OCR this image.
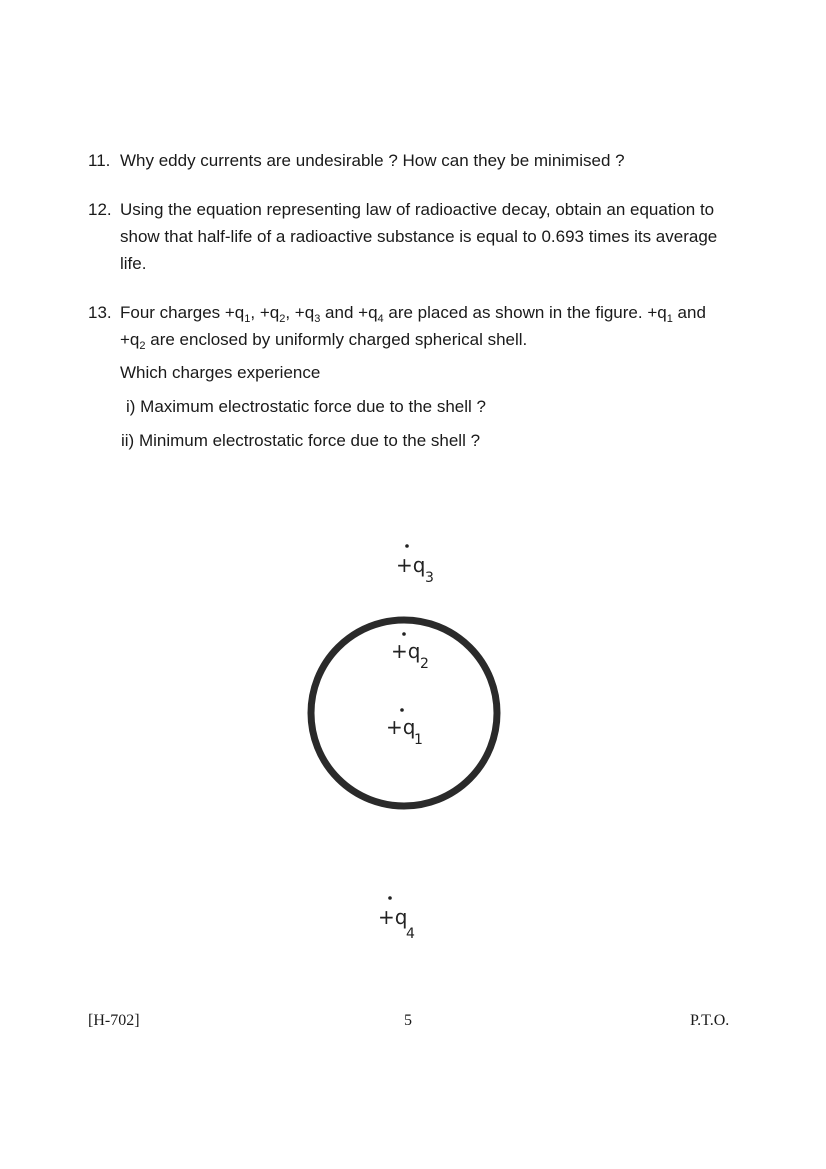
11. Why eddy currents are undesirable ? How can they be minimised ?
12. Using the equation representing law of radioactive decay, obtain an equation to
show that half-life of a radioactive substance is equal to 0.693 times its average
life.
13. Four charges $+q_1$, $+q_2$, $+q_3$ and $+q_4$ are placed as shown in the figure. $+q_1$ and
$+q_2$ are enclosed by uniformly charged spherical shell.
Which charges experience
i) Maximum electrostatic force due to the shell ?
ii) Minimum electrostatic force due to the shell ?
+q
3
+q
2
+q
1
+q
4
[H-702]	5	P.T.O.
